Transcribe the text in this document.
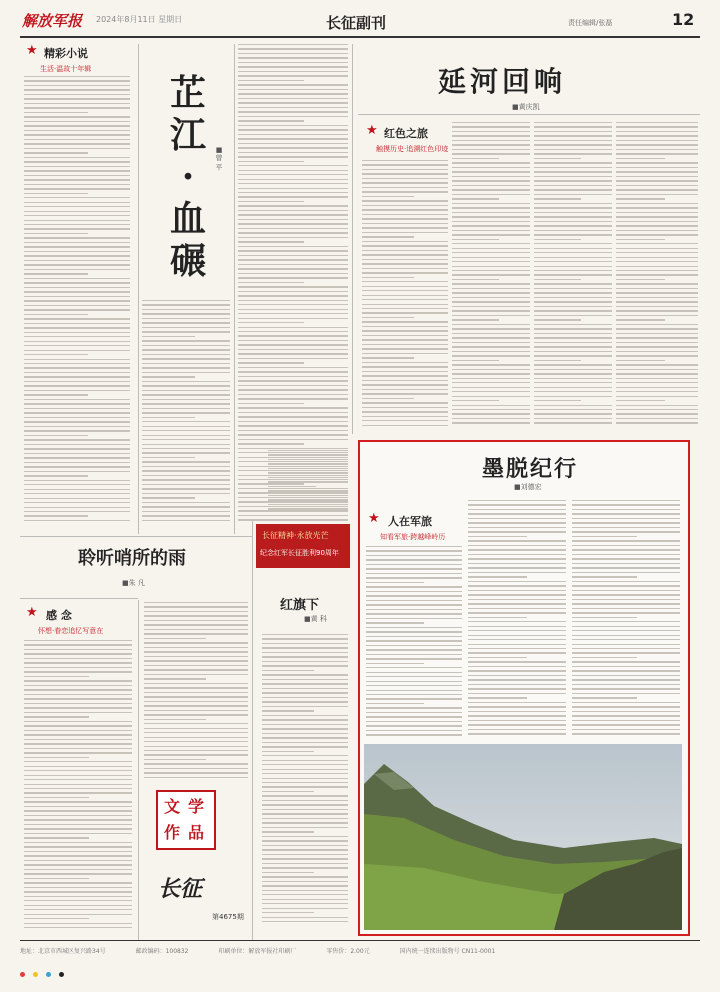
解放军报 2024年8月11日 星期日	长征副刊	责任编辑/张磊	12
★ 精彩小说
生活·温故十年辑
芷江·血碾
■曾 平
延河回响
■黄庆凯
★ 红色之旅
触摸历史·追溯红色印迹
聆听哨所的雨
■朱 凡
★ 感 念
怀想·眷恋追忆写意在
长征精神·永放光芒
纪念红军长征胜利90周年
红旗下
■黄 科
文 学
作 品
长征
第4675期
墨脱纪行
■刘德宏
★ 人在军旅
知看军旅·跨越峰岭历
地址：北京市西城区复兴路34号	邮政编码：100832	印刷单位：解放军报社印刷厂	零售价：2.00元	国内统一连续出版物号 CN11-0001
